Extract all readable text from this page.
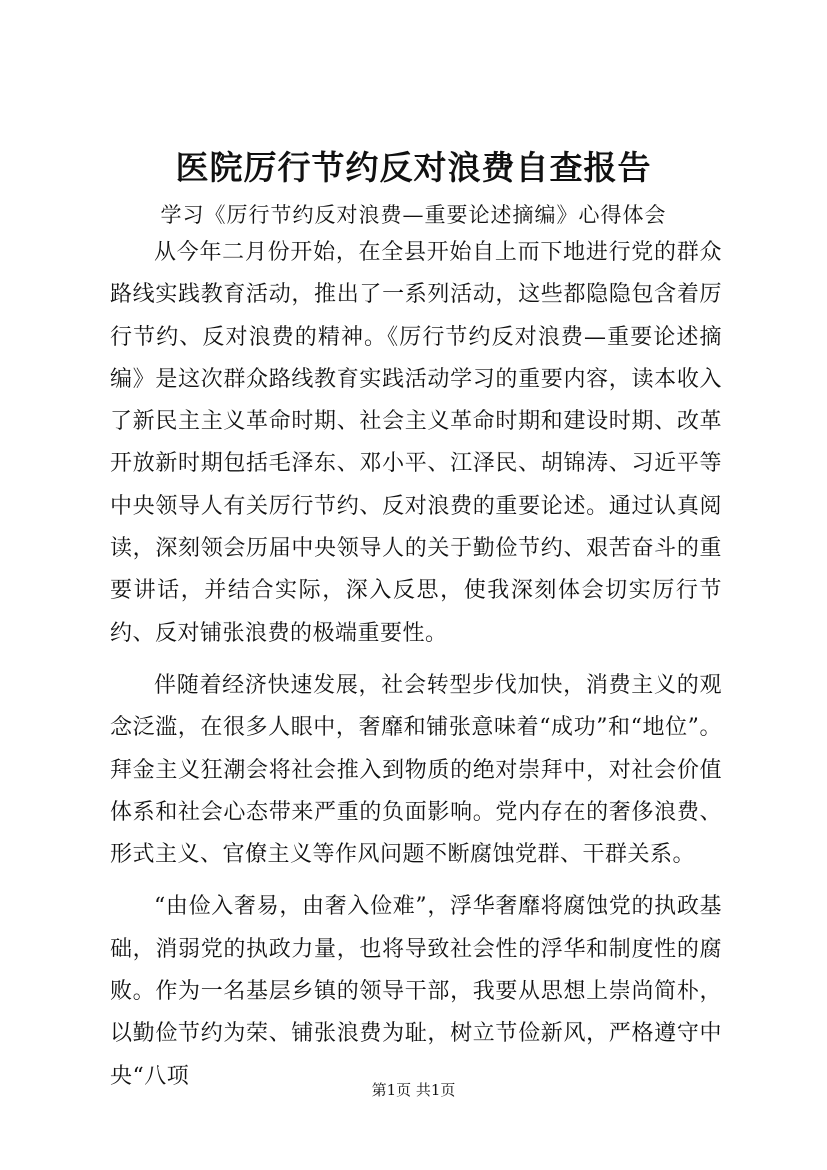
医院厉行节约反对浪费自查报告
学习《厉行节约反对浪费—重要论述摘编》心得体会

从今年二月份开始，在全县开始自上而下地进行党的群众路线实践教育活动，推出了一系列活动，这些都隐隐包含着厉行节约、反对浪费的精神。《厉行节约反对浪费—重要论述摘编》是这次群众路线教育实践活动学习的重要内容，读本收入了新民主主义革命时期、社会主义革命时期和建设时期、改革开放新时期包括毛泽东、邓小平、江泽民、胡锦涛、习近平等中央领导人有关厉行节约、反对浪费的重要论述。通过认真阅读，深刻领会历届中央领导人的关于勤俭节约、艰苦奋斗的重要讲话，并结合实际，深入反思，使我深刻体会切实厉行节约、反对铺张浪费的极端重要性。

伴随着经济快速发展，社会转型步伐加快，消费主义的观念泛滥，在很多人眼中，奢靡和铺张意味着“成功”和“地位”。拜金主义狂潮会将社会推入到物质的绝对崇拜中，对社会价值体系和社会心态带来严重的负面影响。党内存在的奢侈浪费、形式主义、官僚主义等作风问题不断腐蚀党群、干群关系。

“由俭入奢易，由奢入俭难”，浮华奢靡将腐蚀党的执政基础，消弱党的执政力量，也将导致社会性的浮华和制度性的腐败。作为一名基层乡镇的领导干部，我要从思想上崇尚简朴，以勤俭节约为荣、铺张浪费为耻，树立节俭新风，严格遵守中央“八项

第1页 共1页
